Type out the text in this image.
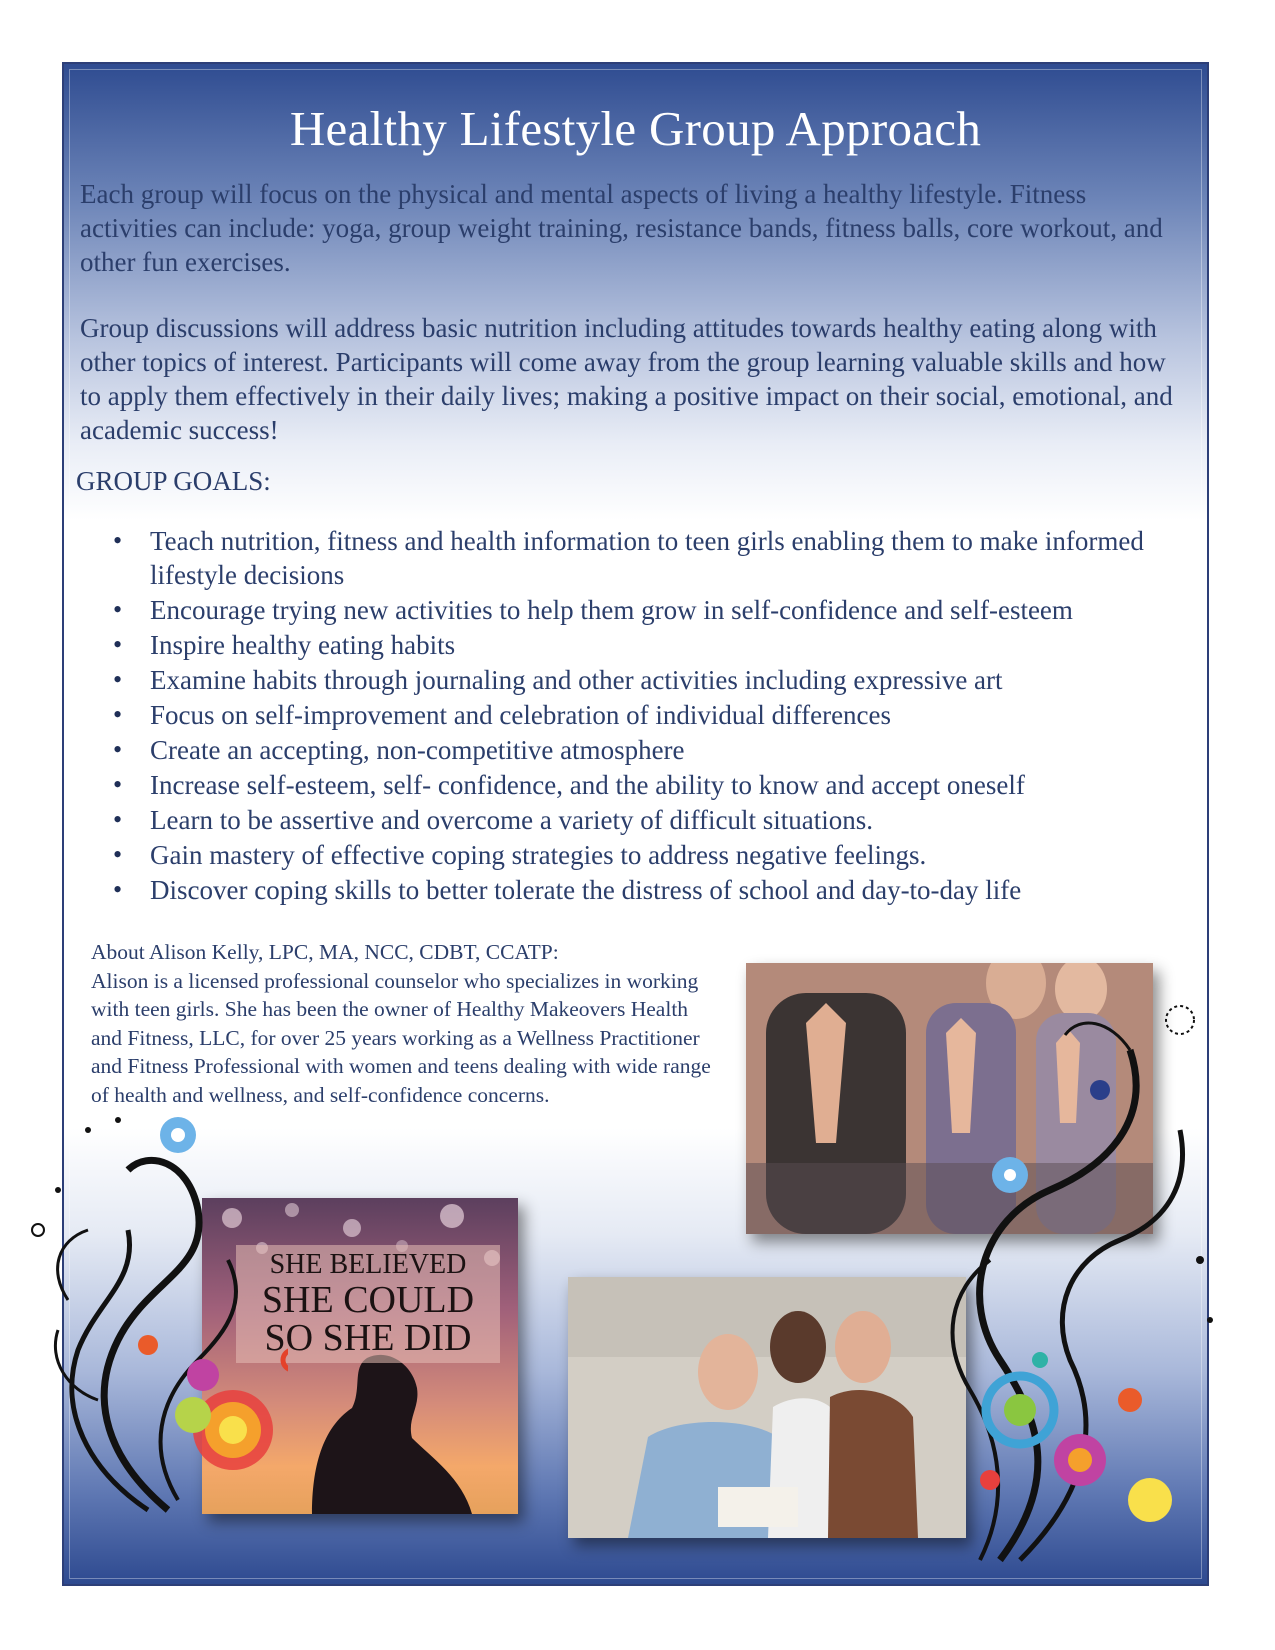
Healthy Lifestyle Group Approach
Each group will focus on the physical and mental aspects of living a healthy lifestyle. Fitness activities can include: yoga, group weight training, resistance bands, fitness balls, core workout, and other fun exercises.
Group discussions will address basic nutrition including attitudes towards healthy eating along with other topics of interest. Participants will come away from the group learning valuable skills and how to apply them effectively in their daily lives; making a positive impact on their social, emotional, and academic success!
GROUP GOALS:
• Teach nutrition, fitness and health information to teen girls enabling them to make informed lifestyle decisions
• Encourage trying new activities to help them grow in self-confidence and self-esteem
• Inspire healthy eating habits
• Examine habits through journaling and other activities including expressive art
• Focus on self-improvement and celebration of individual differences
• Create an accepting, non-competitive atmosphere
• Increase self-esteem, self- confidence, and the ability to know and accept oneself
• Learn to be assertive and overcome a variety of difficult situations.
• Gain mastery of effective coping strategies to address negative feelings.
• Discover coping skills to better tolerate the distress of school and day-to-day life
About Alison Kelly, LPC, MA, NCC, CDBT, CCATP:
Alison is a licensed professional counselor who specializes in working with teen girls. She has been the owner of Healthy Makeovers Health and Fitness, LLC, for over 25 years working as a Wellness Practitioner and Fitness Professional with women and teens dealing with wide range of health and wellness, and self-confidence concerns.
SHE BELIEVED
SHE COULD
SO SHE DID
